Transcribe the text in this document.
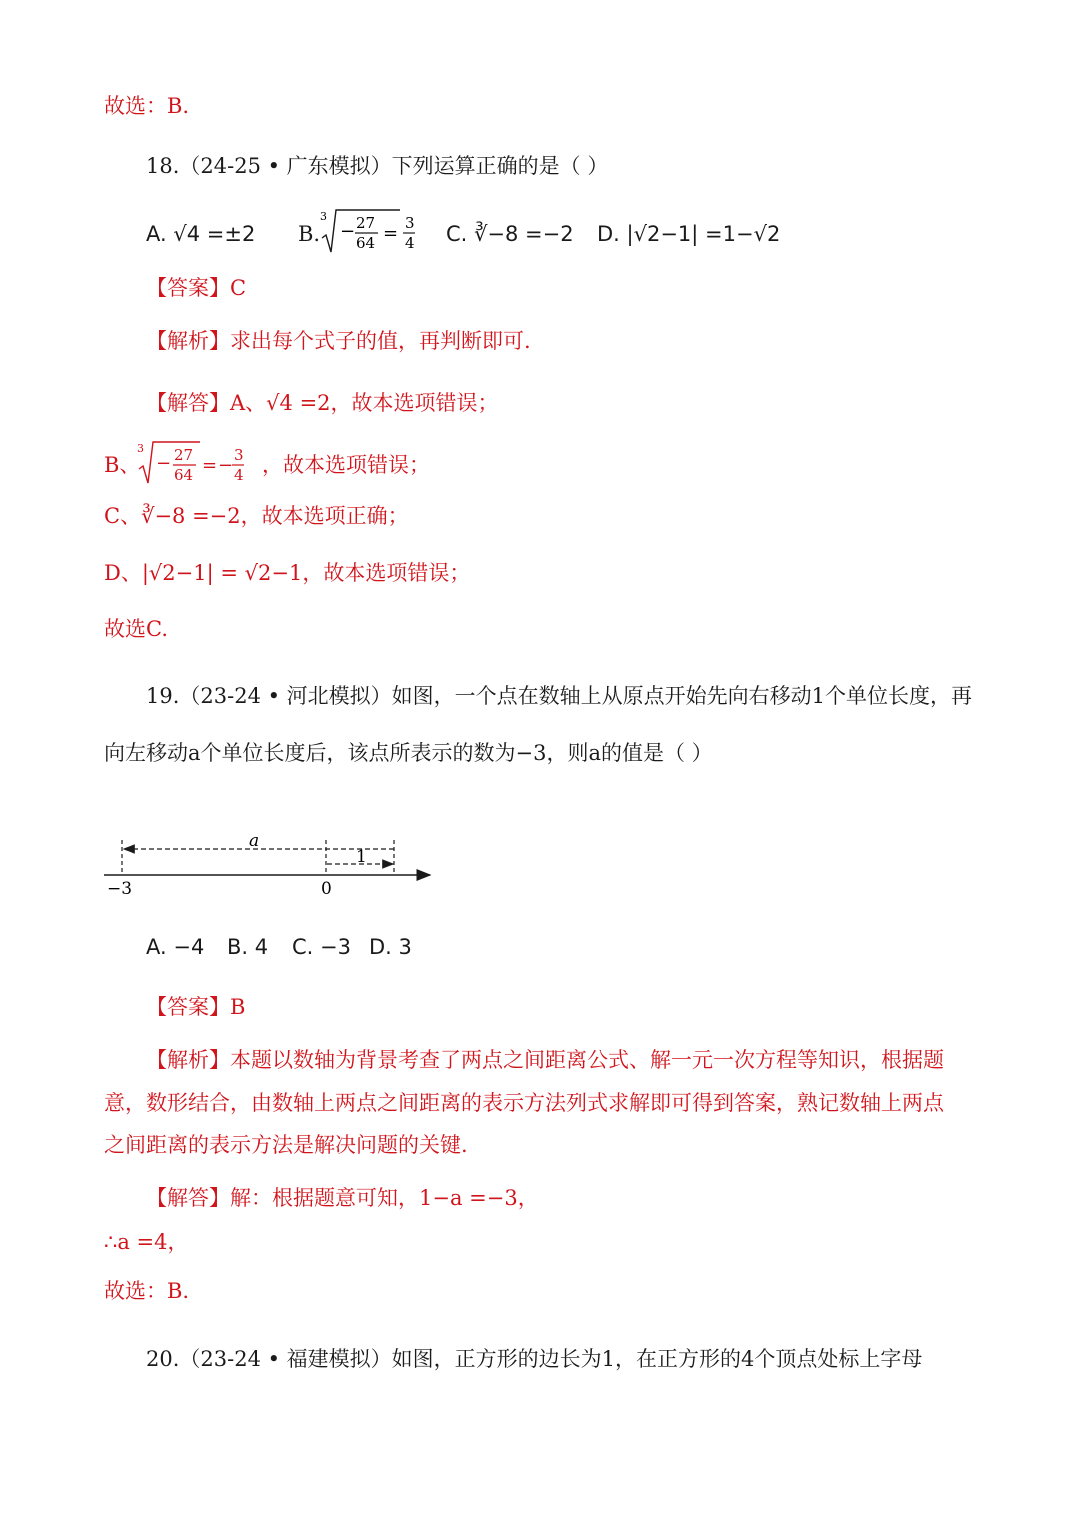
故选：B.
18.（24-25 • 广东模拟）下列运算正确的是（ ）
A. √4 =±2 B.
3
− 27
64 = 3
4 C. ∛−8 =−2 D. |√2−1| =1−√2
【答案】C
【解析】求出每个式子的值，再判断即可.
【解答】A、√4 =2，故本选项错误；
B、
3
− 27
64 = − 3
4 ，故本选项错误；
C、∛−8 =−2，故本选项正确；
D、|√2−1| = √2−1，故本选项错误；
故选C.
19.（23-24 • 河北模拟）如图，一个点在数轴上从原点开始先向右移动1个单位长度，再
向左移动a个单位长度后，该点所表示的数为−3，则a的值是（ ）
a
1
−3	0
A. −4 B. 4 C. −3 D. 3
【答案】B
【解析】本题以数轴为背景考查了两点之间距离公式、解一元一次方程等知识，根据题
意，数形结合，由数轴上两点之间距离的表示方法列式求解即可得到答案，熟记数轴上两点
之间距离的表示方法是解决问题的关键.
【解答】解：根据题意可知，1−a =−3，
∴a =4，
故选：B.
20.（23-24 • 福建模拟）如图，正方形的边长为1，在正方形的4个顶点处标上字母
